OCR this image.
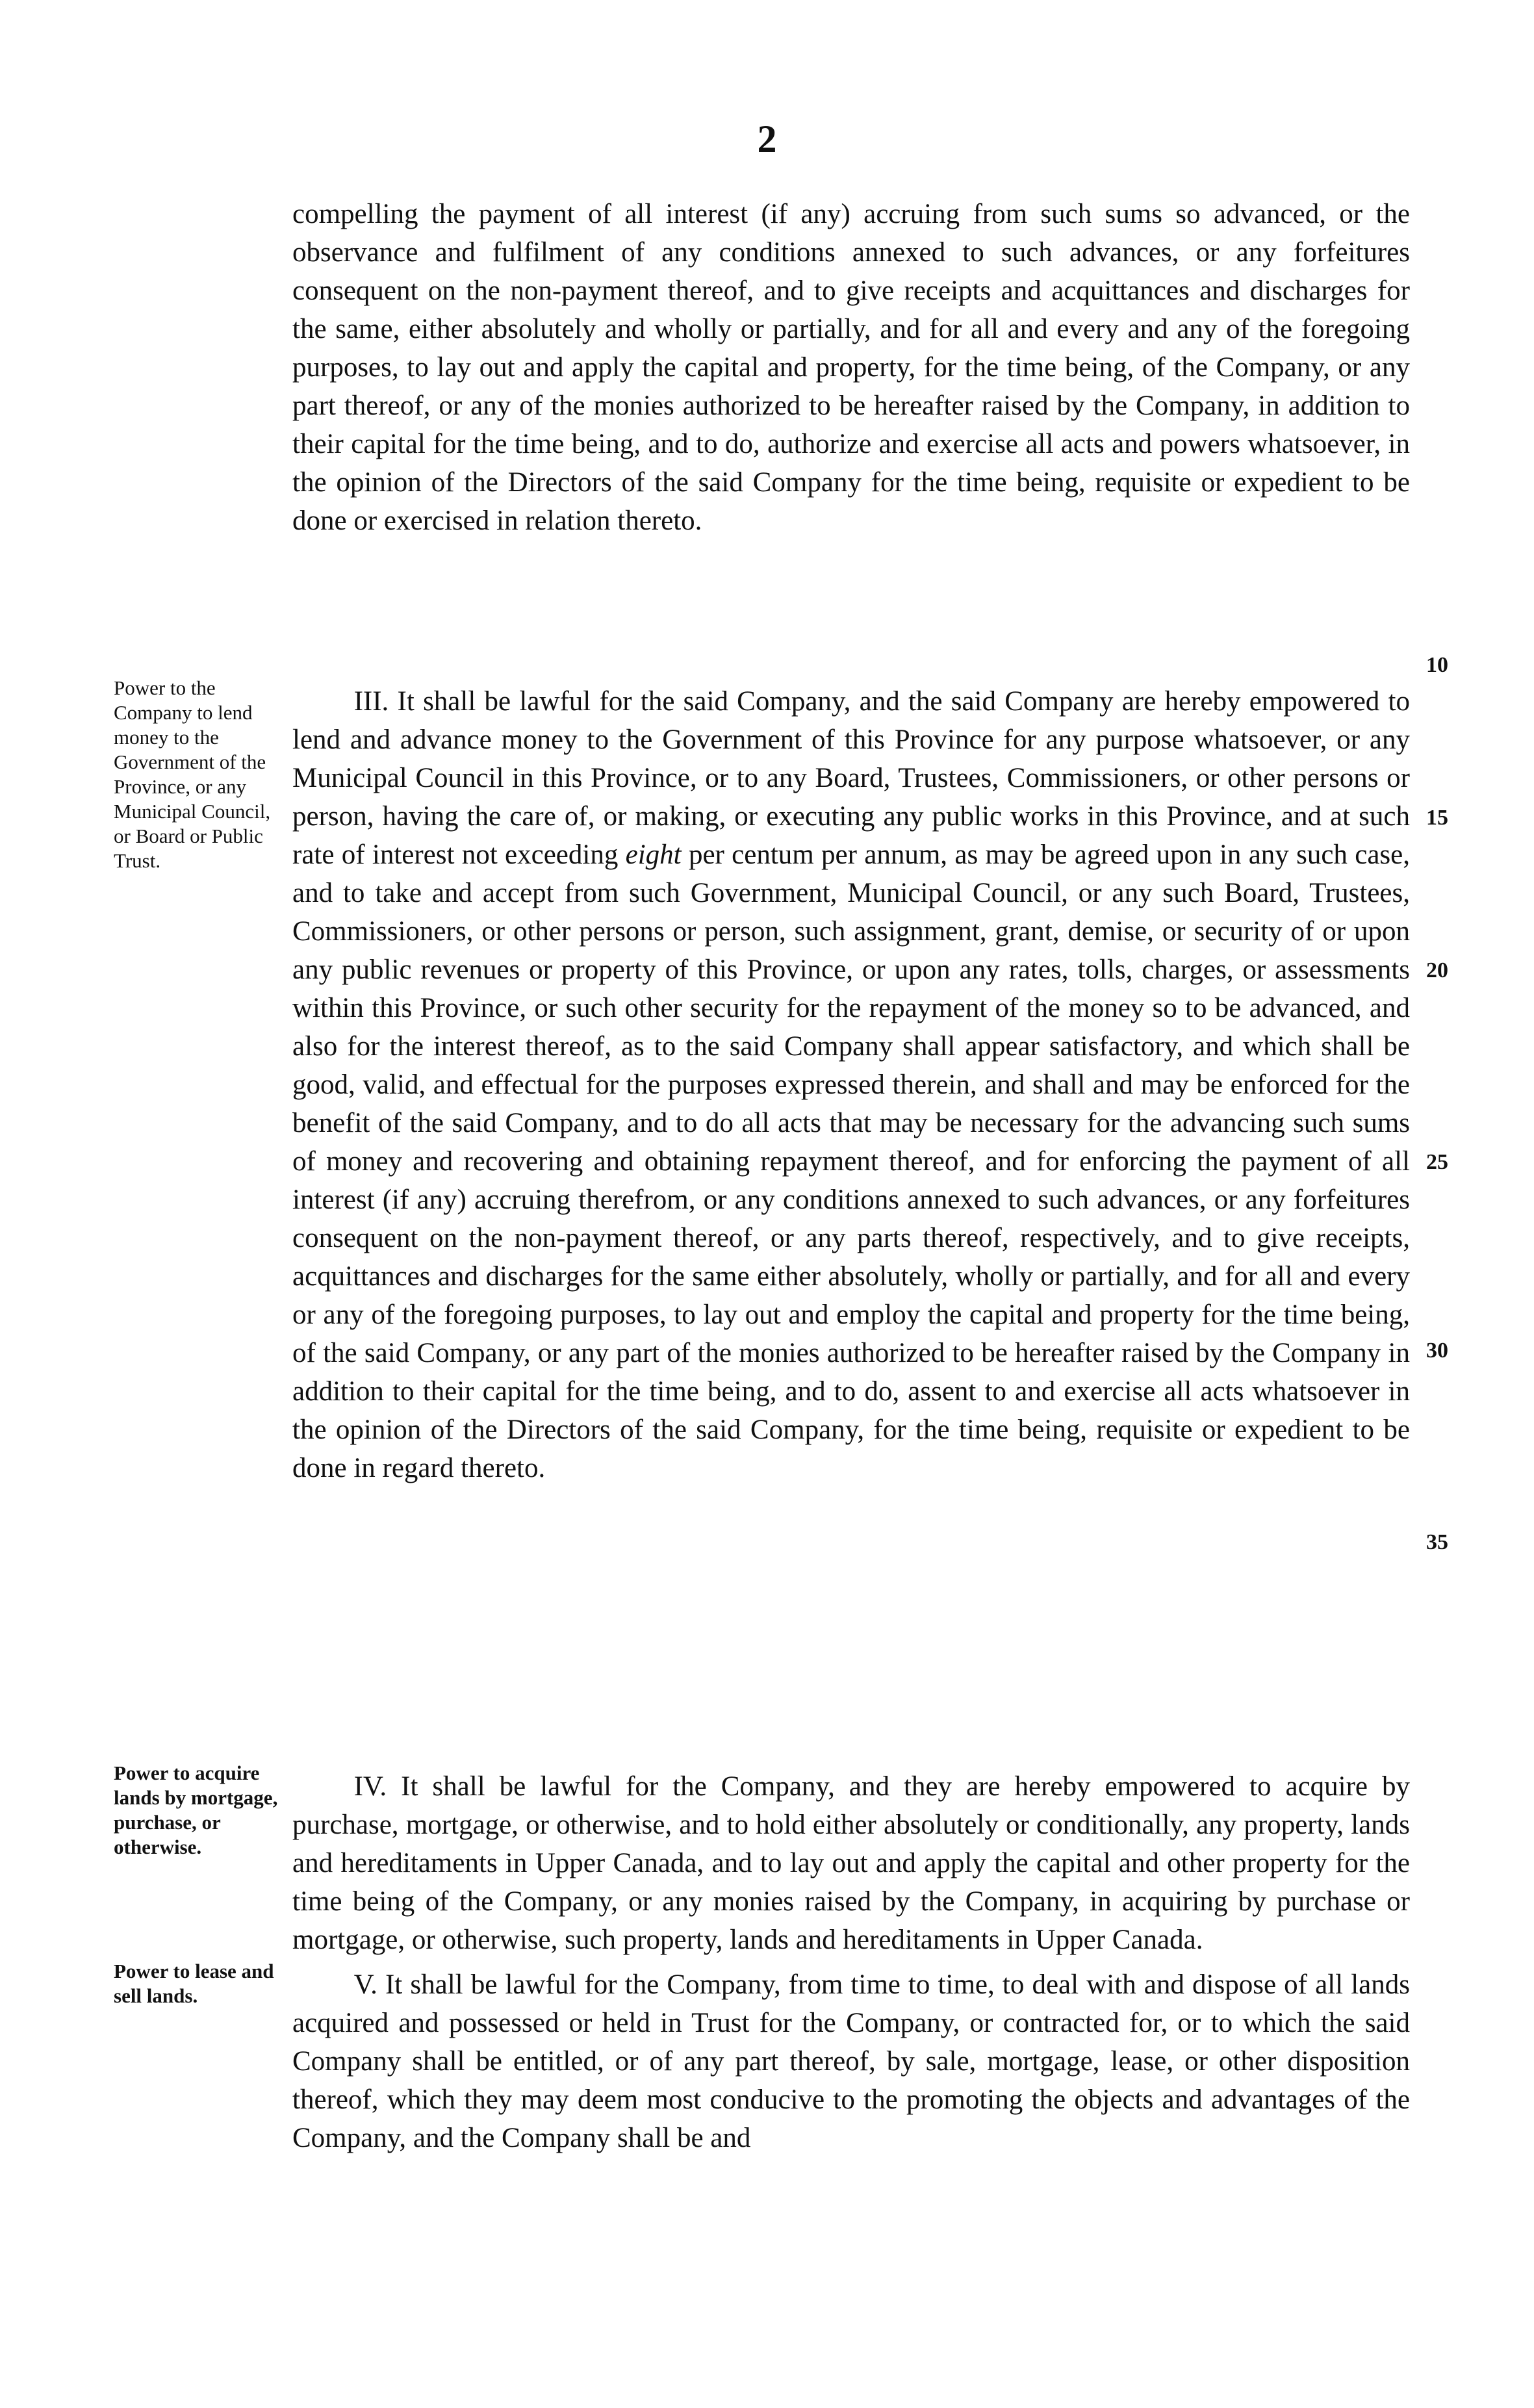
2

compelling the payment of all interest (if any) accruing from such sums so advanced, or the observance and fulfilment of any conditions annexed to such advances, or any forfeitures consequent on the non-payment thereof, and to give receipts and acquittances and discharges for the same, either absolutely and wholly or partially, and for all and every and any of the foregoing purposes, to lay out and apply the capital and property, for the time being, of the Company, or any part thereof, or any of the monies authorized to be hereafter raised by the Company, in addition to their capital for the time being, and to do, authorize and exercise all acts and powers whatsoever, in the opinion of the Directors of the said Company for the time being, requisite or expedient to be done or exercised in relation thereto.

Power to the Company to lend money to the Government of the Province, or any Municipal Council, or Board or Public Trust.

III. It shall be lawful for the said Company, and the said Company are hereby empowered to lend and advance money to the Government of this Province for any purpose whatsoever, or any Municipal Council in this Province, or to any Board, Trustees, Commissioners, or other persons or person, having the care of, or making, or executing any public works in this Province, and at such rate of interest not exceeding eight per centum per annum, as may be agreed upon in any such case, and to take and accept from such Government, Municipal Council, or any such Board, Trustees, Commissioners, or other persons or person, such assignment, grant, demise, or security of or upon any public revenues or property of this Province, or upon any rates, tolls, charges, or assessments within this Province, or such other security for the repayment of the money so to be advanced, and also for the interest thereof, as to the said Company shall appear satisfactory, and which shall be good, valid, and effectual for the purposes expressed therein, and shall and may be enforced for the benefit of the said Company, and to do all acts that may be necessary for the advancing such sums of money and recovering and obtaining repayment thereof, and for enforcing the payment of all interest (if any) accruing therefrom, or any conditions annexed to such advances, or any forfeitures consequent on the non-payment thereof, or any parts thereof, respectively, and to give receipts, acquittances and discharges for the same either absolutely, wholly or partially, and for all and every or any of the foregoing purposes, to lay out and employ the capital and property for the time being, of the said Company, or any part of the monies authorized to be hereafter raised by the Company in addition to their capital for the time being, and to do, assent to and exercise all acts whatsoever in the opinion of the Directors of the said Company, for the time being, requisite or expedient to be done in regard thereto.

Power to acquire lands by mortgage, purchase, or otherwise.

IV. It shall be lawful for the Company, and they are hereby empowered to acquire by purchase, mortgage, or otherwise, and to hold either absolutely or conditionally, any property, lands and hereditaments in Upper Canada, and to lay out and apply the capital and other property for the time being of the Company, or any monies raised by the Company, in acquiring by purchase or mortgage, or otherwise, such property, lands and hereditaments in Upper Canada.

Power to lease and sell lands.	V. It shall be lawful for the Company, from time to time, to deal with and dispose of all lands acquired and possessed or held in Trust for the Company, or contracted for, or to which the said Company shall be entitled, or of any part thereof, by sale, mortgage, lease, or other disposition thereof, which they may deem most conducive to the promoting the objects and advantages of the Company, and the Company shall be and

10
15
20
25
30
35
